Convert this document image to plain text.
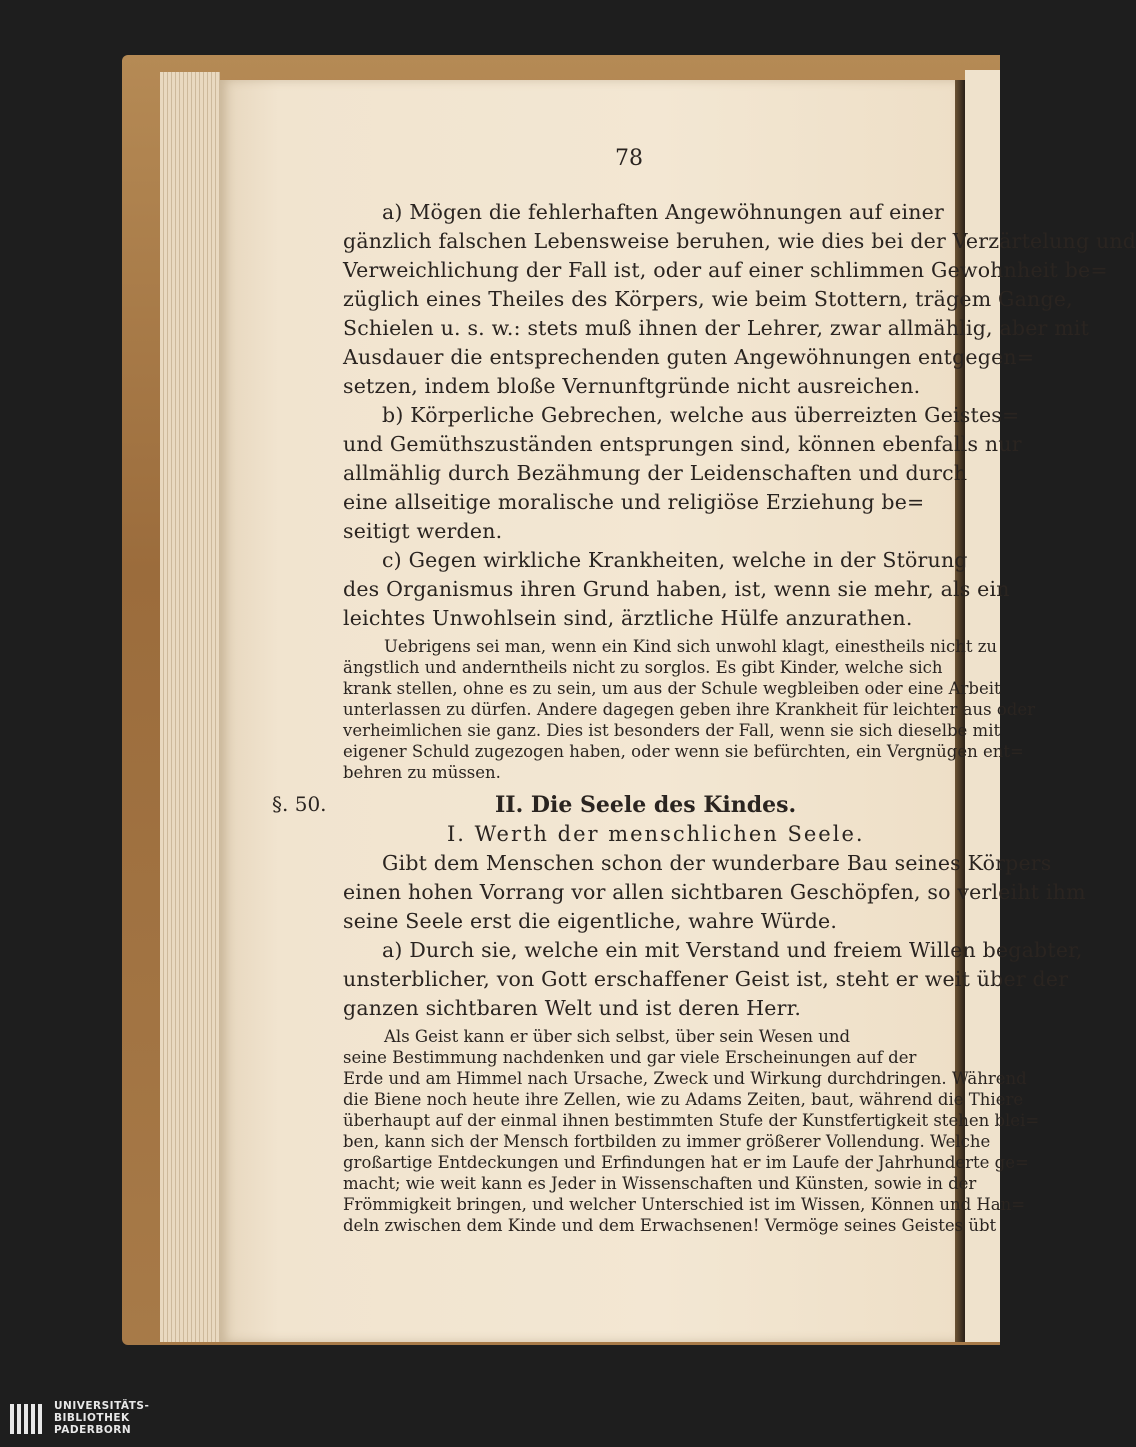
78
a) Mögen die fehlerhaften Angewöhnungen auf einer
gänzlich falschen Lebensweise beruhen, wie dies bei der Verzärtelung und
Verweichlichung der Fall ist, oder auf einer schlimmen Gewohnheit be=
züglich eines Theiles des Körpers, wie beim Stottern, trägem Gange,
Schielen u. s. w.: stets muß ihnen der Lehrer, zwar allmählig, aber mit
Ausdauer die entsprechenden guten Angewöhnungen entgegen=
setzen, indem bloße Vernunftgründe nicht ausreichen.
b) Körperliche Gebrechen, welche aus überreizten Geistes=
und Gemüthszuständen entsprungen sind, können ebenfalls nur
allmählig durch Bezähmung der Leidenschaften und durch
eine allseitige moralische und religiöse Erziehung be=
seitigt werden.
c) Gegen wirkliche Krankheiten, welche in der Störung
des Organismus ihren Grund haben, ist, wenn sie mehr, als ein
leichtes Unwohlsein sind, ärztliche Hülfe anzurathen.
Uebrigens sei man, wenn ein Kind sich unwohl klagt, einestheils nicht zu
ängstlich und anderntheils nicht zu sorglos. Es gibt Kinder, welche sich
krank stellen, ohne es zu sein, um aus der Schule wegbleiben oder eine Arbeit
unterlassen zu dürfen. Andere dagegen geben ihre Krankheit für leichter aus oder
verheimlichen sie ganz. Dies ist besonders der Fall, wenn sie sich dieselbe mit
eigener Schuld zugezogen haben, oder wenn sie befürchten, ein Vergnügen ent=
behren zu müssen.
§. 50.	II. Die Seele des Kindes.
I. Werth der menschlichen Seele.
Gibt dem Menschen schon der wunderbare Bau seines Körpers
einen hohen Vorrang vor allen sichtbaren Geschöpfen, so verleiht ihm
seine Seele erst die eigentliche, wahre Würde.
a) Durch sie, welche ein mit Verstand und freiem Willen begabter,
unsterblicher, von Gott erschaffener Geist ist, steht er weit über der
ganzen sichtbaren Welt und ist deren Herr.
Als Geist kann er über sich selbst, über sein Wesen und
seine Bestimmung nachdenken und gar viele Erscheinungen auf der
Erde und am Himmel nach Ursache, Zweck und Wirkung durchdringen. Während
die Biene noch heute ihre Zellen, wie zu Adams Zeiten, baut, während die Thiere
überhaupt auf der einmal ihnen bestimmten Stufe der Kunstfertigkeit stehen blei=
ben, kann sich der Mensch fortbilden zu immer größerer Vollendung. Welche
großartige Entdeckungen und Erfindungen hat er im Laufe der Jahrhunderte ge=
macht; wie weit kann es Jeder in Wissenschaften und Künsten, sowie in der
Frömmigkeit bringen, und welcher Unterschied ist im Wissen, Können und Han=
deln zwischen dem Kinde und dem Erwachsenen! Vermöge seines Geistes übt
UNIVERSITÄTS-
BIBLIOTHEK
PADERBORN
